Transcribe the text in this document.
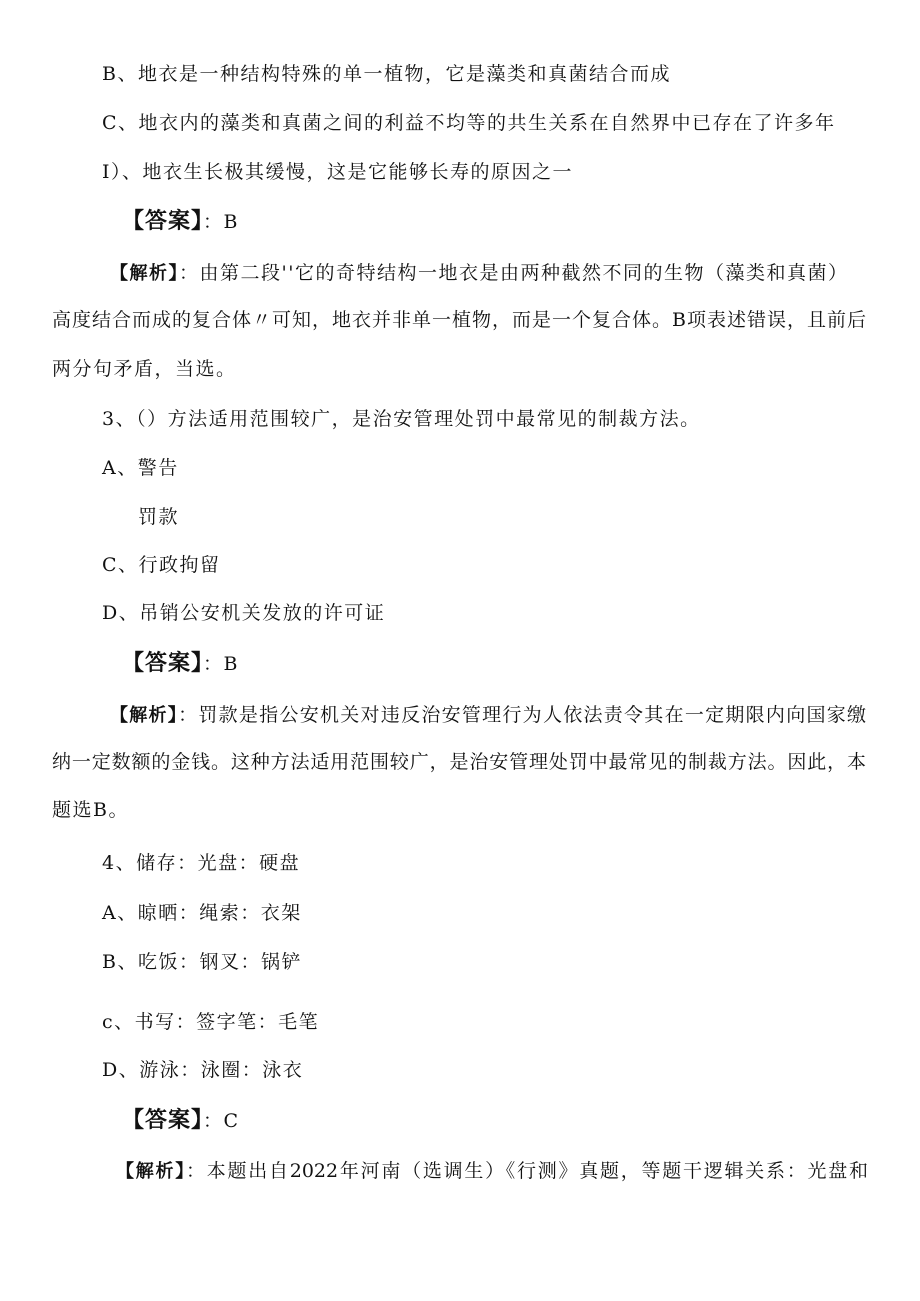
B、地衣是一种结构特殊的单一植物，它是藻类和真菌结合而成
C、地衣内的藻类和真菌之间的利益不均等的共生关系在自然界中已存在了许多年
I）、地衣生长极其缓慢，这是它能够长寿的原因之一
【答案】：B
【解析】：由第二段''它的奇特结构一地衣是由两种截然不同的生物（藻类和真菌）
高度结合而成的复合体〃可知，地衣并非单一植物，而是一个复合体。B项表述错误，且前后
两分句矛盾，当选。
3、（）方法适用范围较广，是治安管理处罚中最常见的制裁方法。
A、警告
罚款
C、行政拘留
D、吊销公安机关发放的许可证
【答案】：B
【解析】：罚款是指公安机关对违反治安管理行为人依法责令其在一定期限内向国家缴
纳一定数额的金钱。这种方法适用范围较广，是治安管理处罚中最常见的制裁方法。因此，本
题选B。
4、储存：光盘：硬盘
A、晾晒：绳索：衣架
B、吃饭：钢叉：锅铲
c、书写：签字笔：毛笔
D、游泳：泳圈：泳衣
【答案】：C
【解析】：本题出自2022年河南（选调生）《行测》真题，等题干逻辑关系：光盘和
